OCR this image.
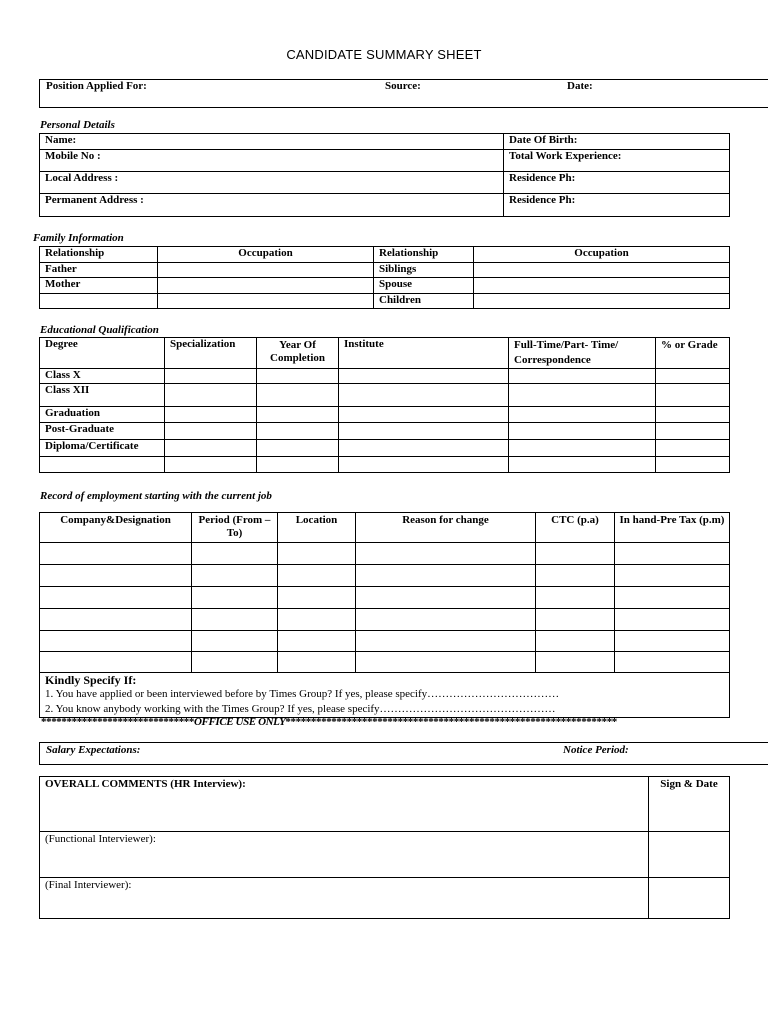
CANDIDATE SUMMARY SHEET
Position Applied For:	Source:	Date:
Personal Details
Name:	Date Of Birth:
Mobile No :	Total Work Experience:
Local Address :	Residence Ph:
Permanent Address :	Residence Ph:
Family Information
Relationship	Occupation	Relationship	Occupation
Father		Siblings	
Mother		Spouse	
		Children	
Educational Qualification
Degree	Specialization	Year Of Completion	Institute	Full-Time/Part- Time/ Correspondence	% or Grade
Class X					
Class XII					
Graduation					
Post-Graduate					
Diploma/Certificate					

Record of employment starting with the current job
Company&Designation	Period (From – To)	Location	Reason for change	CTC (p.a)	In hand-Pre Tax (p.m)

Kindly Specify If:
1. You have applied or been interviewed before by Times Group? If yes, please specify………………………………
2. You know anybody working with the Times Group? If yes, please specify…………………………………………					
******************************OFFICE USE ONLY*****************************************************************
Salary Expectations:	Notice Period:
OVERALL COMMENTS (HR Interview):	Sign & Date
(Functional Interviewer):	
(Final Interviewer):	
